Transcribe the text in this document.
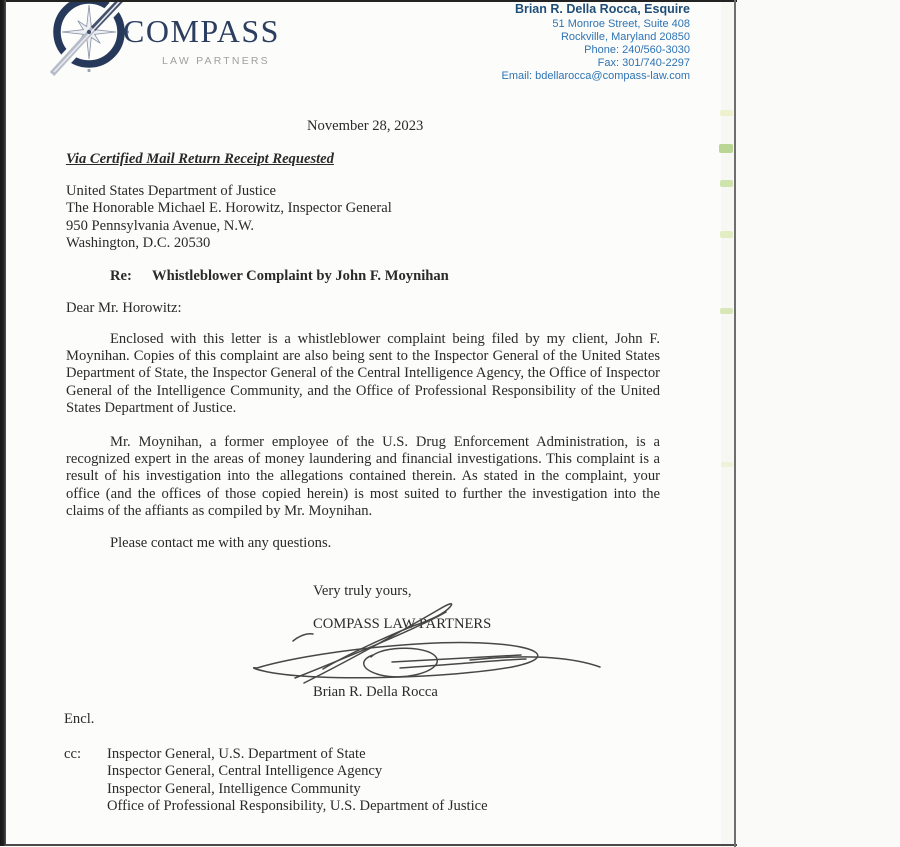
COMPASS
LAW PARTNERS
Brian R. Della Rocca, Esquire
51 Monroe Street, Suite 408
Rockville, Maryland 20850
Phone: 240/560-3030
Fax: 301/740-2297
Email: bdellarocca@compass-law.com
November 28, 2023
Via Certified Mail Return Receipt Requested
United States Department of Justice
The Honorable Michael E. Horowitz, Inspector General
950 Pennsylvania Avenue, N.W.
Washington, D.C. 20530
Re: Whistleblower Complaint by John F. Moynihan
Dear Mr. Horowitz:
Enclosed with this letter is a whistleblower complaint being filed by my client, John F. Moynihan. Copies of this complaint are also being sent to the Inspector General of the United States Department of State, the Inspector General of the Central Intelligence Agency, the Office of Inspector General of the Intelligence Community, and the Office of Professional Responsibility of the United States Department of Justice.
Mr. Moynihan, a former employee of the U.S. Drug Enforcement Administration, is a recognized expert in the areas of money laundering and financial investigations. This complaint is a result of his investigation into the allegations contained therein. As stated in the complaint, your office (and the offices of those copied herein) is most suited to further the investigation into the claims of the affiants as compiled by Mr. Moynihan.
Please contact me with any questions.
Very truly yours,
COMPASS LAW PARTNERS
Brian R. Della Rocca
Encl.
cc: Inspector General, U.S. Department of State
Inspector General, Central Intelligence Agency
Inspector General, Intelligence Community
Office of Professional Responsibility, U.S. Department of Justice
